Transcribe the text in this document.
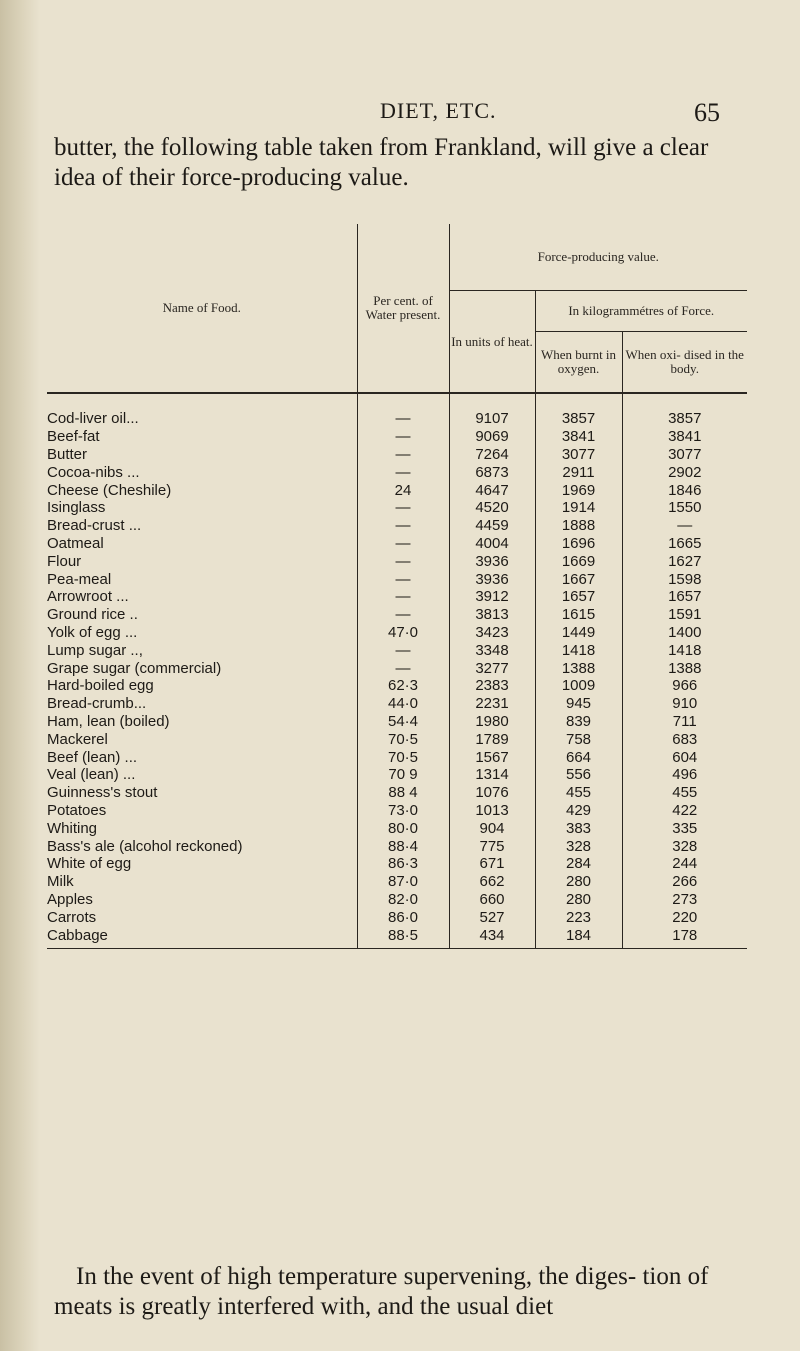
DIET, ETC.	65

butter, the following table taken from Frankland, will give a clear idea of their force-producing value.

Name of Food.	Per cent. of Water present.	Force-producing value.		
		In units of heat.	In kilogrammétres of Force.	
			When burnt in oxygen.	When oxi- dised in the body.

Cod-liver oil...	—	9107	3857	3857
Beef-fat	—	9069	3841	3841
Butter	—	7264	3077	3077
Cocoa-nibs ...	—	6873	2911	2902
Cheese (Cheshile)	24	4647	1969	1846
Isinglass	—	4520	1914	1550
Bread-crust ...	—	4459	1888	—
Oatmeal	—	4004	1696	1665
Flour	—	3936	1669	1627
Pea-meal	—	3936	1667	1598
Arrowroot ...	—	3912	1657	1657
Ground rice ..	—	3813	1615	1591
Yolk of egg ...	47·0	3423	1449	1400
Lump sugar ..,	—	3348	1418	1418
Grape sugar (commercial)	—	3277	1388	1388
Hard-boiled egg	62·3	2383	1009	966
Bread-crumb...	44·0	2231	945	910
Ham, lean (boiled)	54·4	1980	839	711
Mackerel	70·5	1789	758	683
Beef (lean) ...	70·5	1567	664	604
Veal (lean) ...	70 9	1314	556	496
Guinness's stout	88 4	1076	455	455
Potatoes	73·0	1013	429	422
Whiting	80·0	904	383	335
Bass's ale (alcohol reckoned)	88·4	775	328	328
White of egg	86·3	671	284	244
Milk	87·0	662	280	266
Apples	82·0	660	280	273
Carrots	86·0	527	223	220
Cabbage	88·5	434	184	178

In the event of high temperature supervening, the diges- tion of meats is greatly interfered with, and the usual diet
